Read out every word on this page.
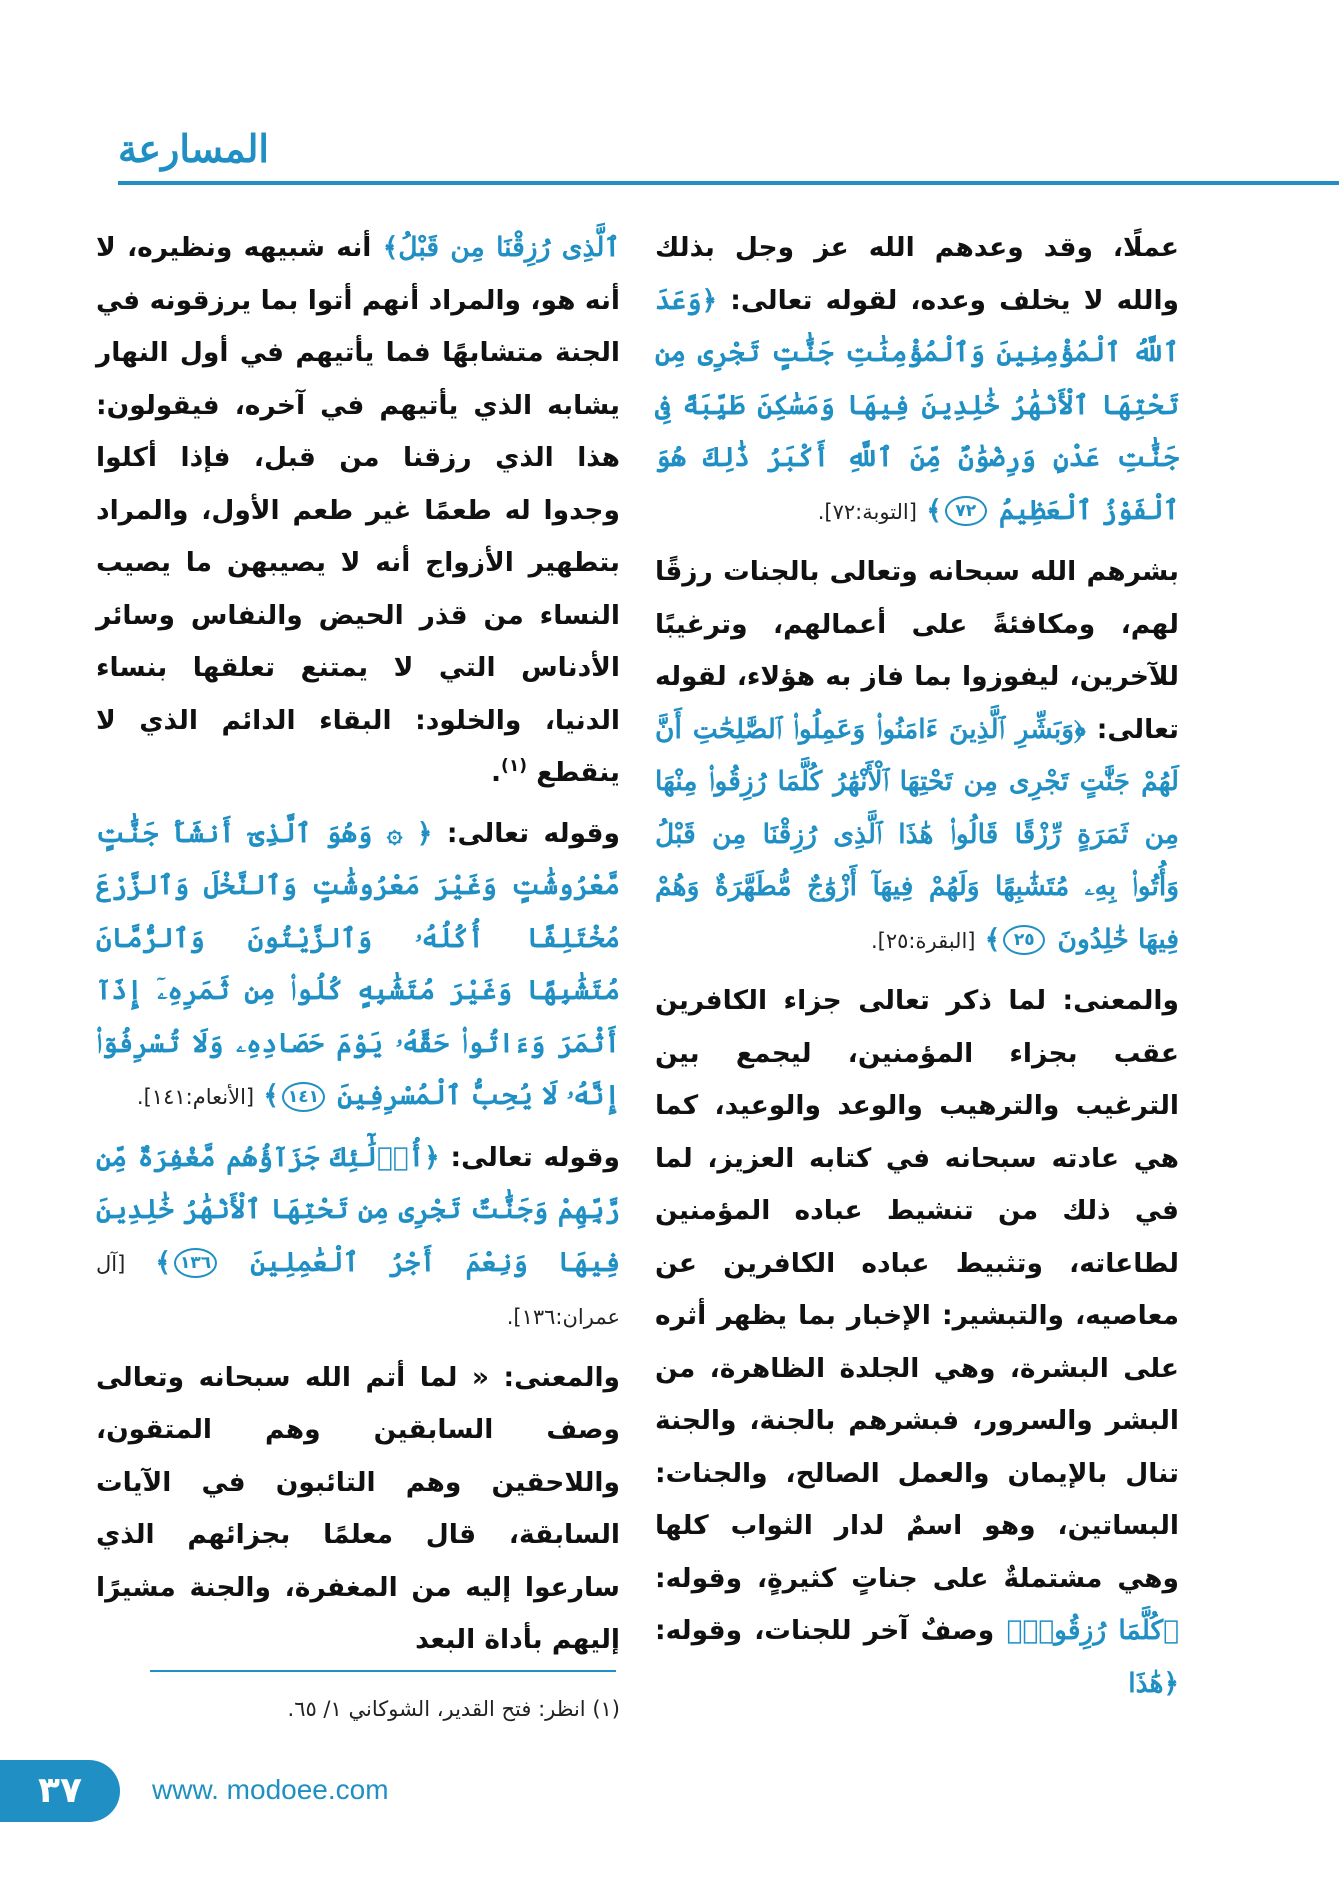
المسارعة

عملًا، وقد وعدهم الله عز وجل بذلك والله لا يخلف وعده، لقوله تعالى: ﴿وَعَدَ ٱللَّهُ ٱلْمُؤْمِنِينَ وَٱلْمُؤْمِنَٰتِ جَنَّٰتٍ تَجْرِى مِن تَحْتِهَا ٱلْأَنْهَٰرُ خَٰلِدِينَ فِيهَا وَمَسَٰكِنَ طَيِّبَةً فِى جَنَّٰتِ عَدْنٍ وَرِضْوَٰنٌ مِّنَ ٱللَّهِ أَكْبَرُ ذَٰلِكَ هُوَ ٱلْفَوْزُ ٱلْعَظِيمُ ٧٢﴾ [التوبة:٧٢].

بشرهم الله سبحانه وتعالى بالجنات رزقًا لهم، ومكافئةً على أعمالهم، وترغيبًا للآخرين، ليفوزوا بما فاز به هؤلاء، لقوله تعالى: ﴿وَبَشِّرِ ٱلَّذِينَ ءَامَنُوا۟ وَعَمِلُوا۟ ٱلصَّٰلِحَٰتِ أَنَّ لَهُمْ جَنَّٰتٍ تَجْرِى مِن تَحْتِهَا ٱلْأَنْهَٰرُ كُلَّمَا رُزِقُوا۟ مِنْهَا مِن ثَمَرَةٍ رِّزْقًا قَالُوا۟ هَٰذَا ٱلَّذِى رُزِقْنَا مِن قَبْلُ وَأُتُوا۟ بِهِۦ مُتَشَٰبِهًا وَلَهُمْ فِيهَآ أَزْوَٰجٌ مُّطَهَّرَةٌ وَهُمْ فِيهَا خَٰلِدُونَ ٢٥﴾ [البقرة:٢٥].

والمعنى: لما ذكر تعالى جزاء الكافرين عقب بجزاء المؤمنين، ليجمع بين الترغيب والترهيب والوعد والوعيد، كما هي عادته سبحانه في كتابه العزيز، لما في ذلك من تنشيط عباده المؤمنين لطاعاته، وتثبيط عباده الكافرين عن معاصيه، والتبشير: الإخبار بما يظهر أثره على البشرة، وهي الجلدة الظاهرة، من البشر والسرور، فبشرهم بالجنة، والجنة تنال بالإيمان والعمل الصالح، والجنات: البساتين، وهو اسمٌ لدار الثواب كلها وهي مشتملةٌ على جناتٍ كثيرةٍ، وقوله: ﴿كُلَّمَا رُزِقُوا۟﴾ وصفٌ آخر للجنات، وقوله: ﴿هَٰذَا

ٱلَّذِى رُزِقْنَا مِن قَبْلُ﴾ أنه شبيهه ونظيره، لا أنه هو، والمراد أنهم أتوا بما يرزقونه في الجنة متشابهًا فما يأتيهم في أول النهار يشابه الذي يأتيهم في آخره، فيقولون: هذا الذي رزقنا من قبل، فإذا أكلوا وجدوا له طعمًا غير طعم الأول، والمراد بتطهير الأزواج أنه لا يصيبهن ما يصيب النساء من قذر الحيض والنفاس وسائر الأدناس التي لا يمتنع تعلقها بنساء الدنيا، والخلود: البقاء الدائم الذي لا ينقطع $^{(١)}$.

وقوله تعالى: ﴿ ۞ وَهُوَ ٱلَّذِىٓ أَنشَأَ جَنَّٰتٍ مَّعْرُوشَٰتٍ وَغَيْرَ مَعْرُوشَٰتٍ وَٱلنَّخْلَ وَٱلزَّرْعَ مُخْتَلِفًا أُكُلُهُۥ وَٱلزَّيْتُونَ وَٱلرُّمَّانَ مُتَشَٰبِهًا وَغَيْرَ مُتَشَٰبِهٍ كُلُوا۟ مِن ثَمَرِهِۦٓ إِذَآ أَثْمَرَ وَءَاتُوا۟ حَقَّهُۥ يَوْمَ حَصَادِهِۦ وَلَا تُسْرِفُوٓا۟ إِنَّهُۥ لَا يُحِبُّ ٱلْمُسْرِفِينَ ١٤١﴾ [الأنعام:١٤١].

وقوله تعالى: ﴿أُو۟لَٰٓئِكَ جَزَآؤُهُم مَّغْفِرَةٌ مِّن رَّبِّهِمْ وَجَنَّٰتٌ تَجْرِى مِن تَحْتِهَا ٱلْأَنْهَٰرُ خَٰلِدِينَ فِيهَا وَنِعْمَ أَجْرُ ٱلْعَٰمِلِينَ ١٣٦﴾ [آل عمران:١٣٦].

والمعنى: « لما أتم الله سبحانه وتعالى وصف السابقين وهم المتقون، واللاحقين وهم التائبون في الآيات السابقة، قال معلمًا بجزائهم الذي سارعوا إليه من المغفرة، والجنة مشيرًا إليهم بأداة البعد

(١) انظر: فتح القدير، الشوكاني ١/ ٦٥.
٣٧	www. modoee.com
